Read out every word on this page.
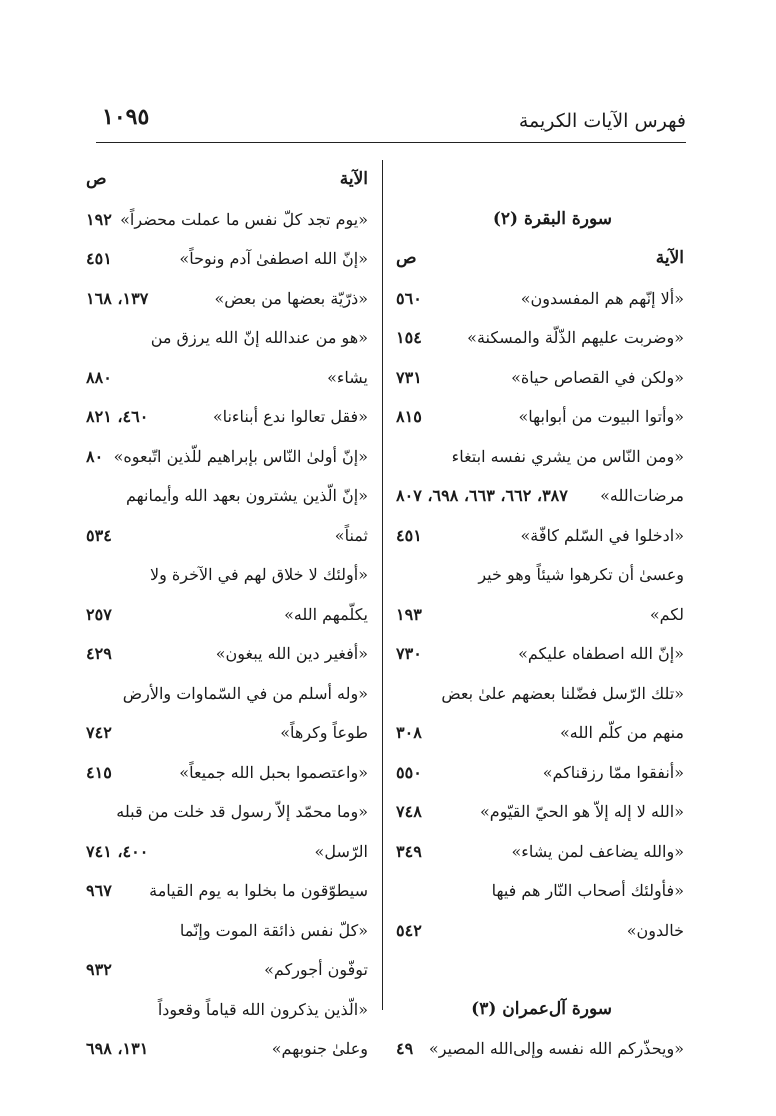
فهرس الآيات الكريمة
١٠٩٥
سورة البقرة (٢)
الآية
ص
«ألا إنّهم هم المفسدون»
٥٦٠
«وضربت عليهم الذّلّة والمسكنة»
١٥٤
«ولكن في القصاص حياة»
٧٣١
«وأتوا البيوت من أبوابها»
٨١٥
«ومن النّاس من يشري نفسه ابتغاء
مرضات‌الله»
٣٨٧، ٦٦٢، ٦٦٣، ٦٩٨، ٨٠٧
«ادخلوا في السّلم كافّة»
٤٥١
وعسىٰ أن تكرهوا شيئاً وهو خير
لكم»
١٩٣
«إنّ الله اصطفاه عليكم»
٧٣٠
«تلك الرّسل فضّلنا بعضهم علىٰ بعض
منهم من كلّم الله»
٣٠٨
«أنفقوا ممّا رزقناكم»
٥٥٠
«الله لا إله إلاّ هو الحيّ القيّوم»
٧٤٨
«والله يضاعف لمن يشاء»
٣٤٩
«فأولئك أصحاب النّار هم فيها
خالدون»
٥٤٢
سورة آل‌عمران (٣)
«ويحذّركم الله نفسه وإلى‌الله المصير»
٤٩
الآية
ص
«يوم تجد كلّ نفس ما عملت محضراً»
١٩٢
«إنّ الله اصطفىٰ آدم ونوحاً»
٤٥١
«ذرّيّة بعضها من بعض»
١٣٧، ١٦٨
«هو من عندالله إنّ الله يرزق من
يشاء»
٨٨٠
«فقل تعالوا ندع أبناءنا»
٤٦٠، ٨٢١
«إنّ أولىٰ النّاس بإبراهيم للّذين اتّبعوه»
٨٠
«إنّ الّذين يشترون بعهد الله وأيمانهم
ثمناً»
٥٣٤
«أولئك لا خلاق لهم في الآخرة ولا
يكلّمهم الله»
٢٥٧
«أفغير دين الله يبغون»
٤٢٩
«وله أسلم من في السّماوات والأرض
طوعاً وكرهاً»
٧٤٢
«واعتصموا بحبل الله جميعاً»
٤١٥
«وما محمّد إلاّ رسول قد خلت من قبله
الرّسل»
٤٠٠، ٧٤١
سيطوّقون ما بخلوا به يوم القيامة
٩٦٧
«كلّ نفس ذائقة الموت وإنّما
توفّون أجوركم»
٩٣٢
«الّذين يذكرون الله قياماً وقعوداً
وعلىٰ جنوبهم»
١٣١، ٦٩٨
